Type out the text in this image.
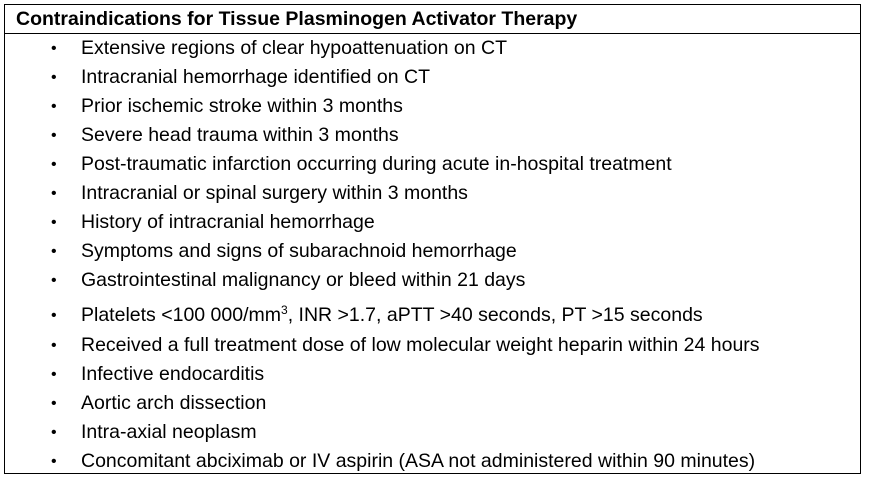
Contraindications for Tissue Plasminogen Activator Therapy
• Extensive regions of clear hypoattenuation on CT
• Intracranial hemorrhage identified on CT
• Prior ischemic stroke within 3 months
• Severe head trauma within 3 months
• Post-traumatic infarction occurring during acute in-hospital treatment
• Intracranial or spinal surgery within 3 months
• History of intracranial hemorrhage
• Symptoms and signs of subarachnoid hemorrhage
• Gastrointestinal malignancy or bleed within 21 days
• Platelets <100 $000/mm^3$, INR >1.7, aPTT >40 seconds, PT >15 seconds
• Received a full treatment dose of low molecular weight heparin within 24 hours
• Infective endocarditis
• Aortic arch dissection
• Intra-axial neoplasm
• Concomitant abciximab or IV aspirin (ASA not administered within 90 minutes)
